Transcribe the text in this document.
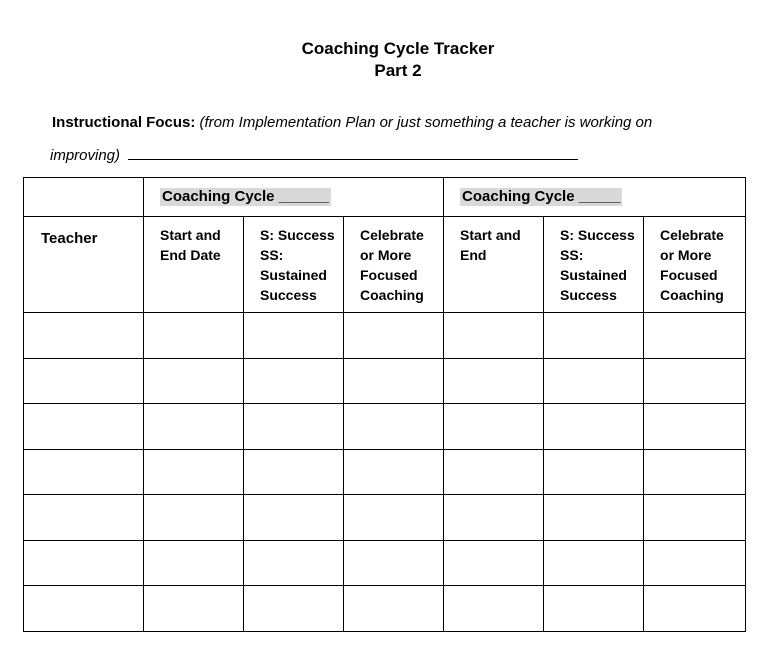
Coaching Cycle Tracker
Part 2
Instructional Focus: (from Implementation Plan or just something a teacher is working on
improving)
	Coaching Cycle ______			Coaching Cycle _____		

Teacher	Start and
End Date	S: Success
SS:
Sustained
Success	Celebrate
or More
Focused
Coaching	Start and
End	S: Success
SS:
Sustained
Success	Celebrate
or More
Focused
Coaching
